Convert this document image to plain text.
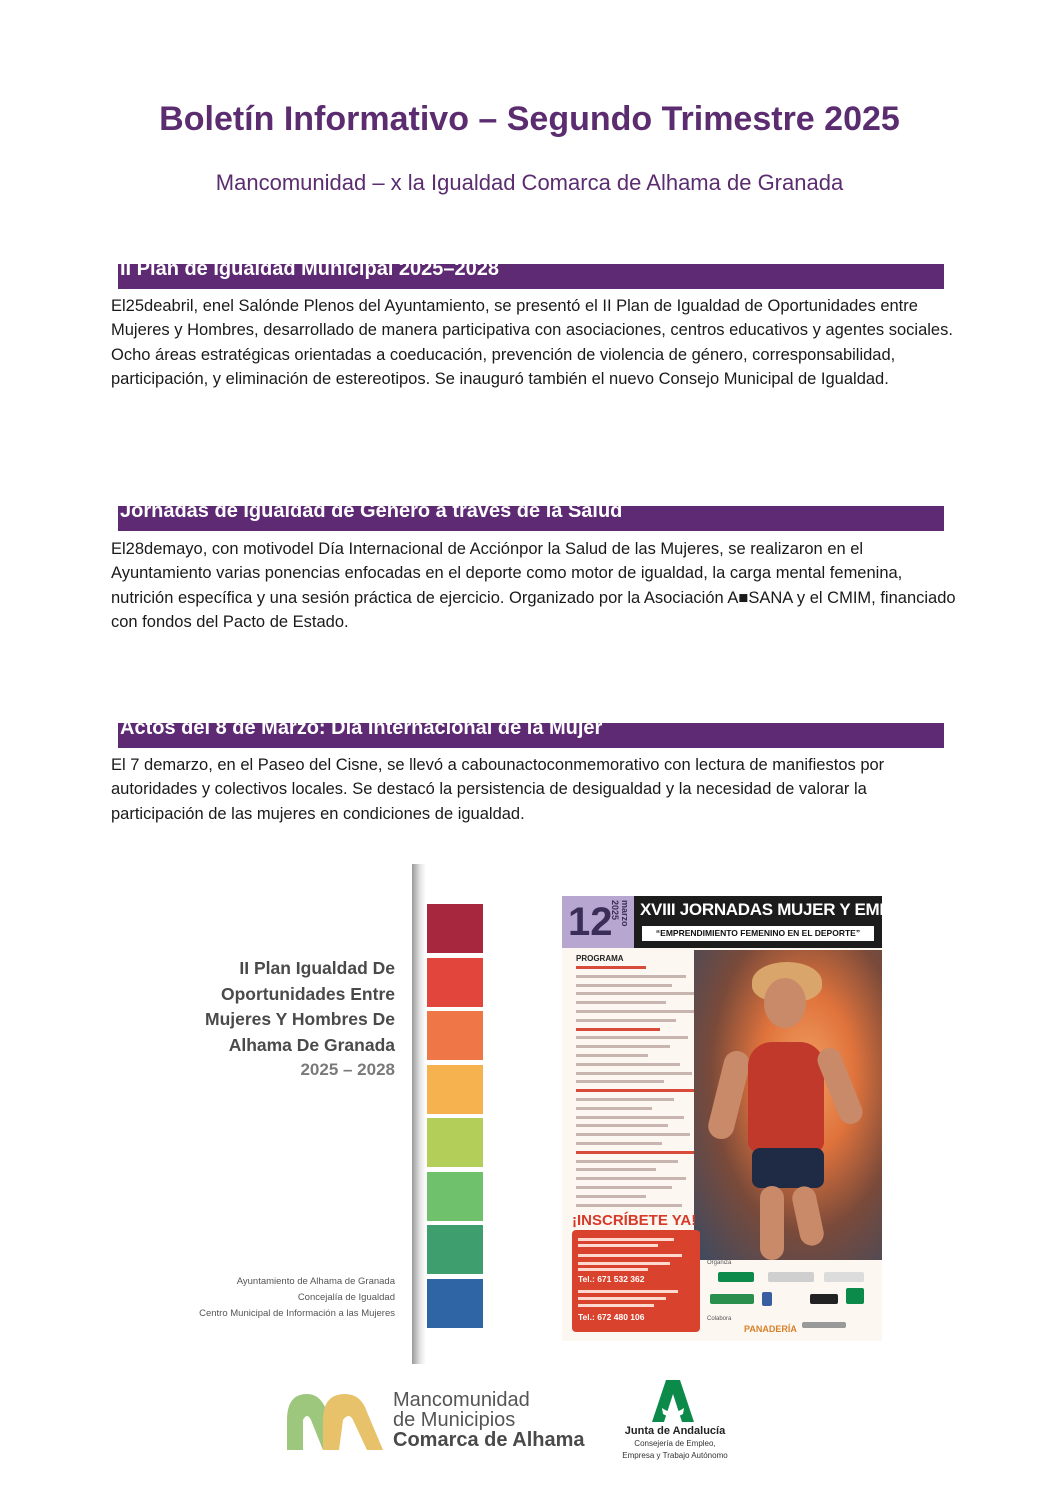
Boletín Informativo – Segundo Trimestre 2025

Mancomunidad – x la Igualdad Comarca de Alhama de Granada

II Plan de Igualdad Municipal 2025–2028

El25deabril, enel Salónde Plenos del Ayuntamiento, se presentó el II Plan de Igualdad de Oportunidades entre Mujeres y Hombres, desarrollado de manera participativa con asociaciones, centros educativos y agentes sociales. Ocho áreas estratégicas orientadas a coeducación, prevención de violencia de género, corresponsabilidad, participación, y eliminación de estereotipos. Se inauguró también el nuevo Consejo Municipal de Igualdad.

Jornadas de Igualdad de Género a través de la Salud

El28demayo, con motivodel Día Internacional de Acciónpor la Salud de las Mujeres, se realizaron en el Ayuntamiento varias ponencias enfocadas en el deporte como motor de igualdad, la carga mental femenina, nutrición específica y una sesión práctica de ejercicio. Organizado por la Asociación A■SANA y el CMIM, financiado con fondos del Pacto de Estado.

Actos del 8 de Marzo: Día Internacional de la Mujer

El 7 demarzo, en el Paseo del Cisne, se llevó a cabounactoconmemorativo con lectura de manifiestos por autoridades y colectivos locales. Se destacó la persistencia de desigualdad y la necesidad de valorar la participación de las mujeres en condiciones de igualdad.

II Plan Igualdad De
Oportunidades Entre
Mujeres Y Hombres De
Alhama De Granada
2025 – 2028
Ayuntamiento de Alhama de Granada
Concejalía de Igualdad
Centro Municipal de Información a las Mujeres
12 marzo 2025	XVIII JORNADAS MUJER Y EMPRESA
“EMPRENDIMIENTO FEMENINO EN EL DEPORTE”
PROGRAMA
¡INSCRÍBETE YA!
Tel.: 671 532 362
Tel.: 672 480 106
Organiza
Colabora
PANADERÍA
Mancomunidad
de Municipios
Comarca de Alhama	Junta de Andalucía
Consejería de Empleo,
Empresa y Trabajo Autónomo
